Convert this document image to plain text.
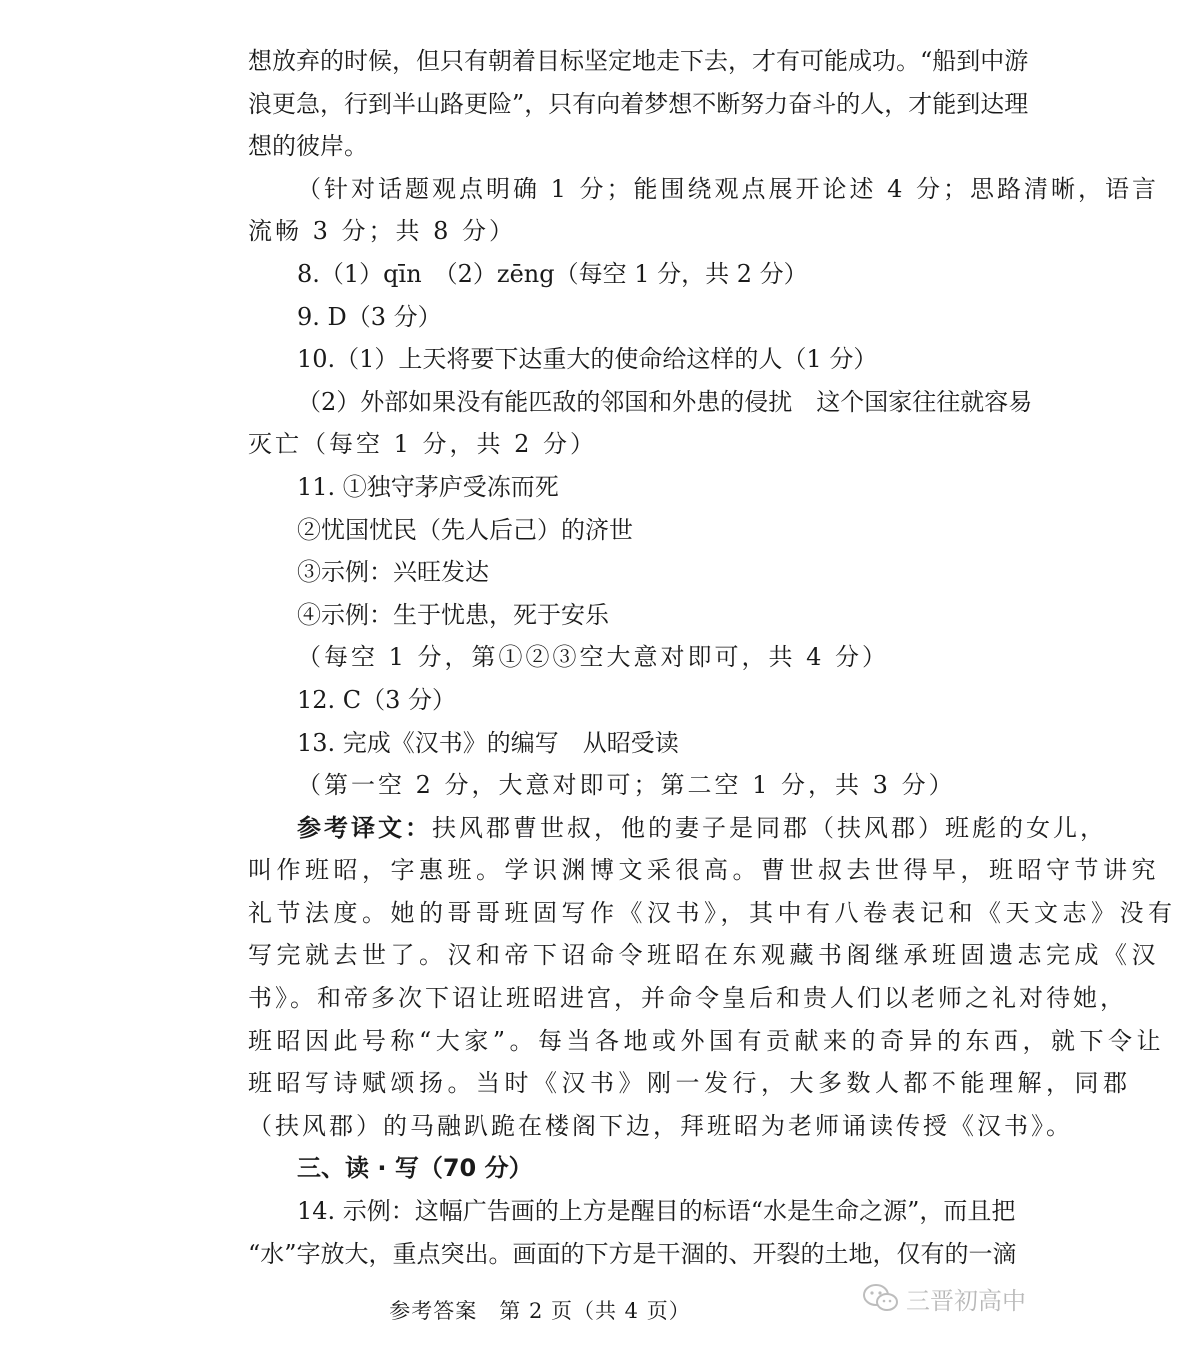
想放弃的时候，但只有朝着目标坚定地走下去，才有可能成功。“船到中游
浪更急，行到半山路更险”，只有向着梦想不断努力奋斗的人，才能到达理
想的彼岸。
（针对话题观点明确 1 分；能围绕观点展开论述 4 分；思路清晰，语言
流畅 3 分；共 8 分）
8.（1）qīn　（2）zēng（每空 1 分，共 2 分）
9. D（3 分）
10.（1）上天将要下达重大的使命给这样的人（1 分）
（2）外部如果没有能匹敌的邻国和外患的侵扰　这个国家往往就容易
灭亡（每空 1 分，共 2 分）
11. ①独守茅庐受冻而死
②忧国忧民（先人后己）的济世
③示例：兴旺发达
④示例：生于忧患，死于安乐
（每空 1 分，第①②③空大意对即可，共 4 分）
12. C（3 分）
13. 完成《汉书》的编写　从昭受读
（第一空 2 分，大意对即可；第二空 1 分，共 3 分）
参考译文：扶风郡曹世叔，他的妻子是同郡（扶风郡）班彪的女儿，
叫作班昭，字惠班。学识渊博文采很高。曹世叔去世得早，班昭守节讲究
礼节法度。她的哥哥班固写作《汉书》，其中有八卷表记和《天文志》没有
写完就去世了。汉和帝下诏命令班昭在东观藏书阁继承班固遗志完成《汉
书》。和帝多次下诏让班昭进宫，并命令皇后和贵人们以老师之礼对待她，
班昭因此号称“大家”。每当各地或外国有贡献来的奇异的东西，就下令让
班昭写诗赋颂扬。当时《汉书》刚一发行，大多数人都不能理解，同郡
（扶风郡）的马融趴跪在楼阁下边，拜班昭为老师诵读传授《汉书》。
三、读 · 写（70 分）
14. 示例：这幅广告画的上方是醒目的标语“水是生命之源”，而且把
“水”字放大，重点突出。画面的下方是干涸的、开裂的土地，仅有的一滴
参考答案　第 2 页（共 4 页）	三晋初高中
